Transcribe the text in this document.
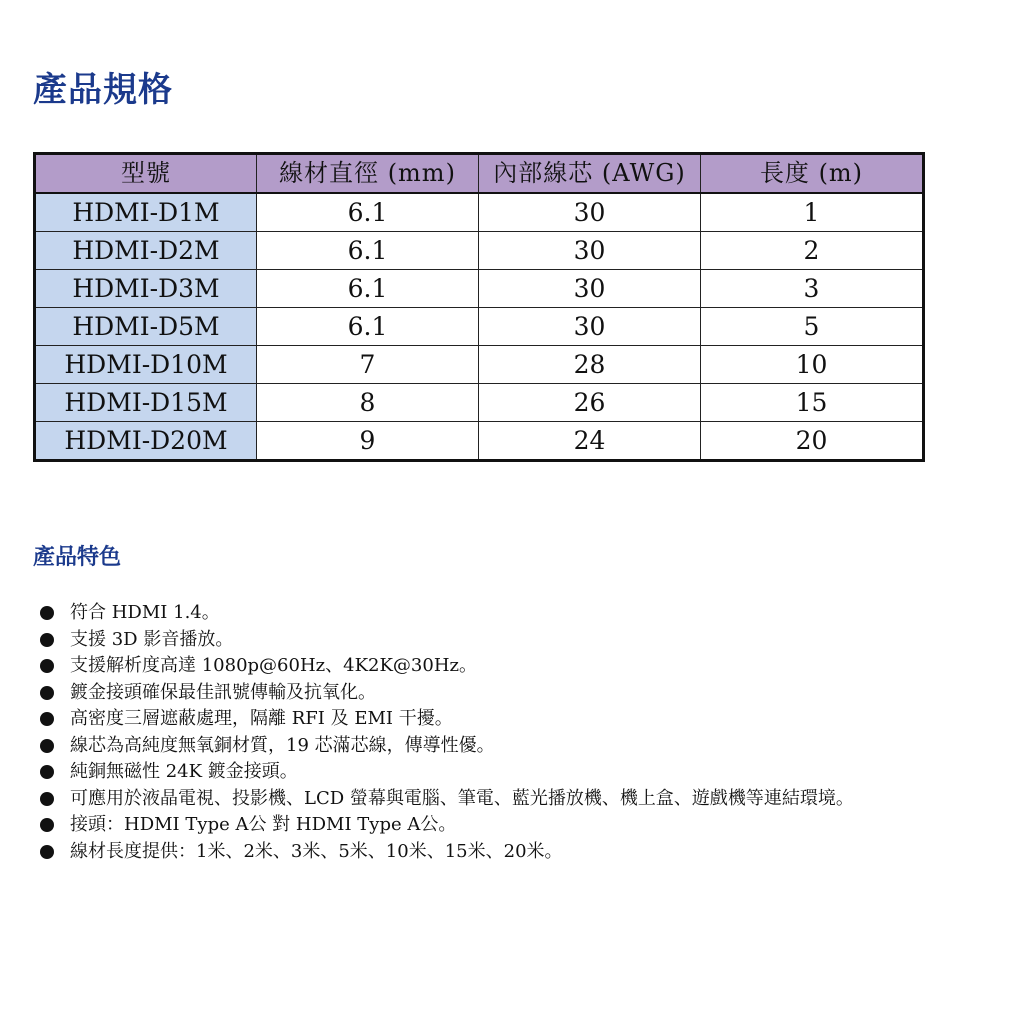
產品規格
型號	線材直徑 (mm)	內部線芯 (AWG)	長度 (m)
HDMI-D1M	6.1	30	1
HDMI-D2M	6.1	30	2
HDMI-D3M	6.1	30	3
HDMI-D5M	6.1	30	5
HDMI-D10M	7	28	10
HDMI-D15M	8	26	15
HDMI-D20M	9	24	20
產品特色
符合 HDMI 1.4。
支援 3D 影音播放。
支援解析度高達 1080p@60Hz、4K2K@30Hz。
鍍金接頭確保最佳訊號傳輸及抗氧化。
高密度三層遮蔽處理，隔離 RFI 及 EMI 干擾。
線芯為高純度無氧銅材質，19 芯滿芯線，傳導性優。
純銅無磁性 24K 鍍金接頭。
可應用於液晶電視、投影機、LCD 螢幕與電腦、筆電、藍光播放機、機上盒、遊戲機等連結環境。
接頭：HDMI Type A公 對 HDMI Type A公。
線材長度提供：1米、2米、3米、5米、10米、15米、20米。
